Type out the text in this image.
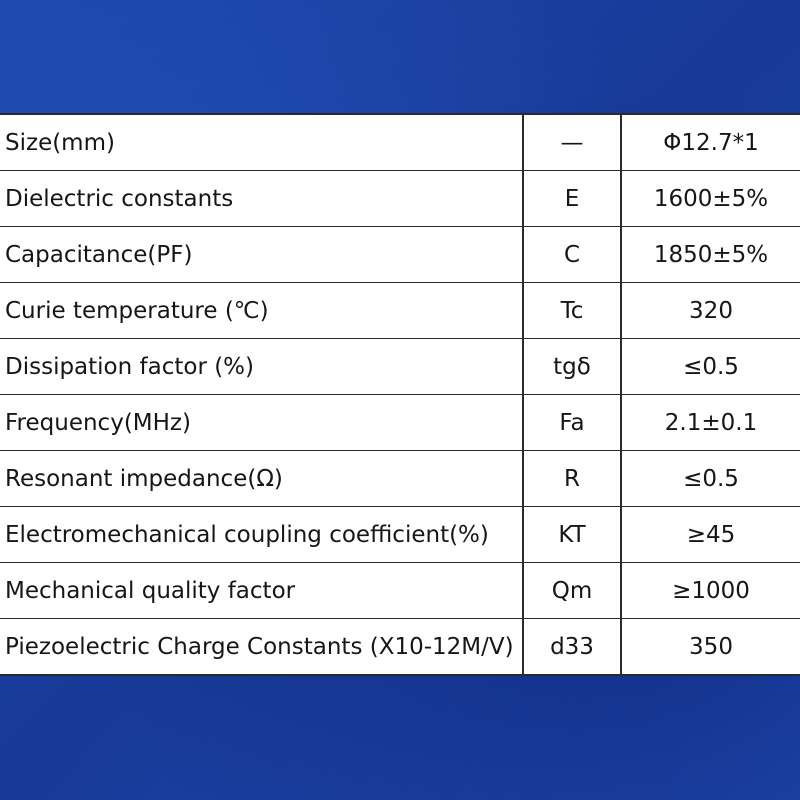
Size(mm)	—	Φ12.7*1
Dielectric constants	E	1600±5%
Capacitance(PF)	C	1850±5%
Curie temperature (℃)	Tc	320
Dissipation factor (%)	tgδ	≤0.5
Frequency(MHz)	Fa	2.1±0.1
Resonant impedance(Ω)	R	≤0.5
Electromechanical coupling coefficient(%)	KT	≥45
Mechanical quality factor	Qm	≥1000
Piezoelectric Charge Constants (X10-12M/V)	d33	350
